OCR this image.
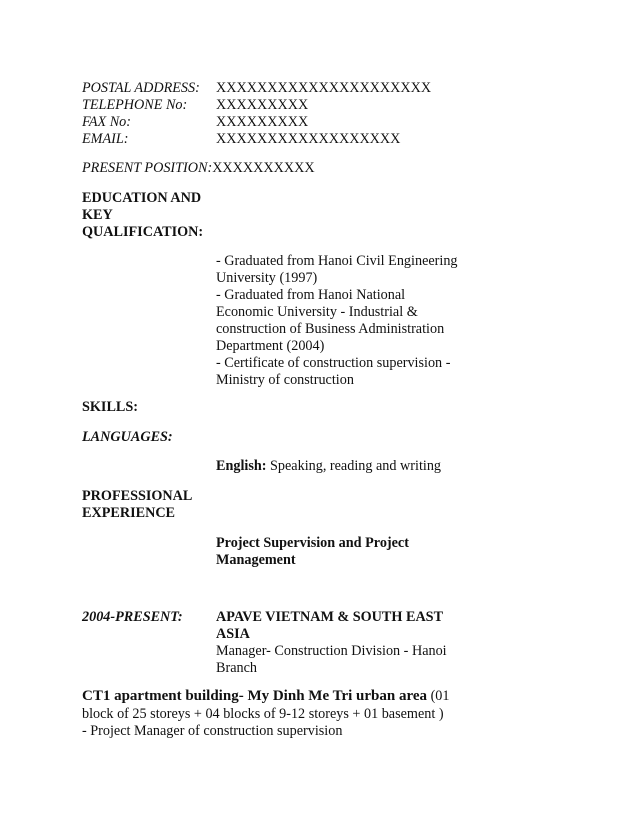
POSTAL ADDRESS: XXXXXXXXXXXXXXXXXXXXX
TELEPHONE No: XXXXXXXXX
FAX No:	XXXXXXXXX
EMAIL:	XXXXXXXXXXXXXXXXXX
PRESENT POSITION:XXXXXXXXXX
EDUCATION AND
KEY
QUALIFICATION:
- Graduated from Hanoi Civil Engineering
University (1997)
- Graduated from Hanoi National
Economic University - Industrial &
construction of Business Administration
Department (2004)
- Certificate of construction supervision -
Ministry of construction
SKILLS:
LANGUAGES:
English: Speaking, reading and writing
PROFESSIONAL
EXPERIENCE
Project Supervision and Project
Management
2004-PRESENT: APAVE VIETNAM & SOUTH EAST
ASIA
Manager- Construction Division - Hanoi
Branch
CT1 apartment building- My Dinh Me Tri urban area (01
block of 25 storeys + 04 blocks of 9-12 storeys + 01 basement )
- Project Manager of construction supervision
